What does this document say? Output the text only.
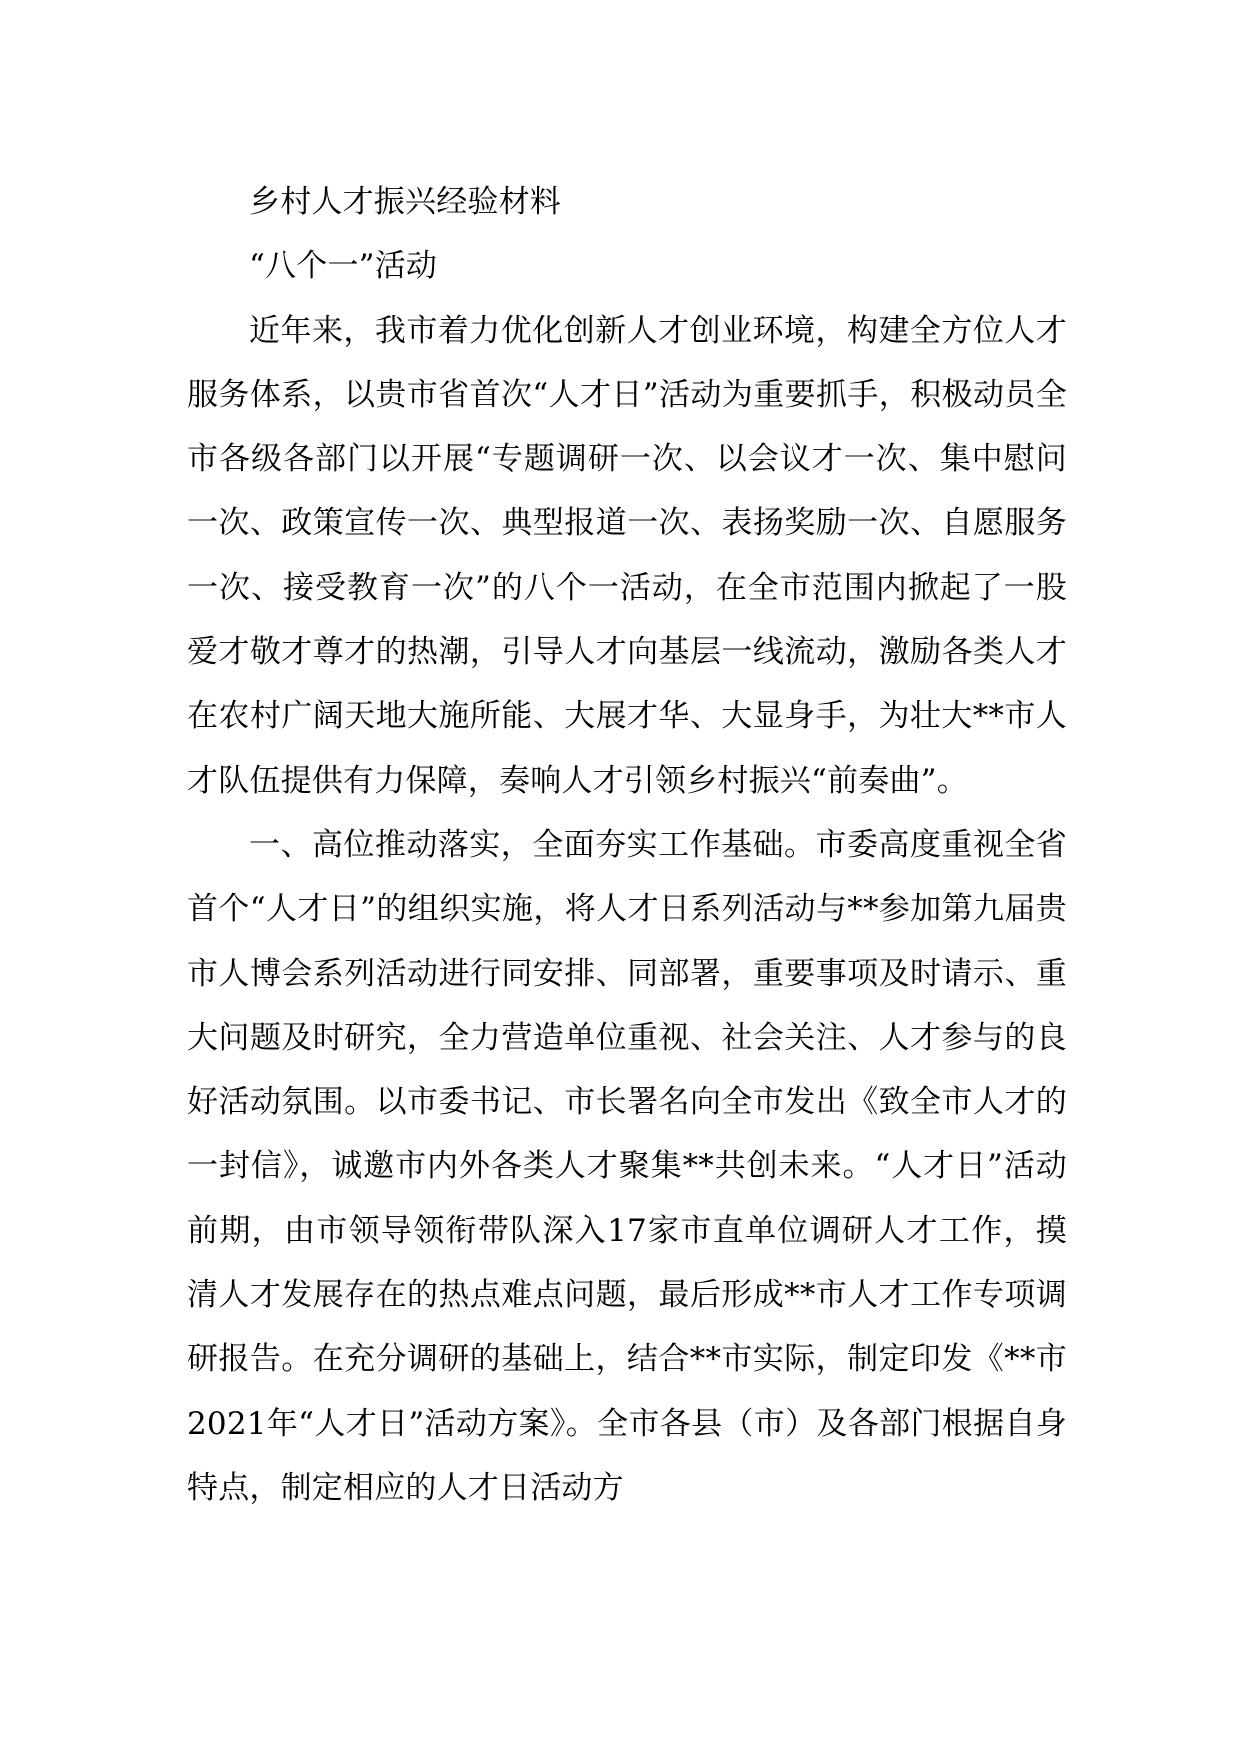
乡村人才振兴经验材料

“八个一”活动

近年来，我市着力优化创新人才创业环境，构建全方位人才服务体系，以贵市省首次“人才日”活动为重要抓手，积极动员全市各级各部门以开展“专题调研一次、以会议才一次、集中慰问一次、政策宣传一次、典型报道一次、表扬奖励一次、自愿服务一次、接受教育一次”的八个一活动，在全市范围内掀起了一股爱才敬才尊才的热潮，引导人才向基层一线流动，激励各类人才在农村广阔天地大施所能、大展才华、大显身手，为壮大**市人才队伍提供有力保障，奏响人才引领乡村振兴“前奏曲”。

一、高位推动落实，全面夯实工作基础。市委高度重视全省首个“人才日”的组织实施，将人才日系列活动与**参加第九届贵市人博会系列活动进行同安排、同部署，重要事项及时请示、重大问题及时研究，全力营造单位重视、社会关注、人才参与的良好活动氛围。以市委书记、市长署名向全市发出《致全市人才的一封信》，诚邀市内外各类人才聚集**共创未来。“人才日”活动前期，由市领导领衔带队深入17家市直单位调研人才工作，摸清人才发展存在的热点难点问题，最后形成**市人才工作专项调研报告。在充分调研的基础上，结合**市实际，制定印发《**市2021年“人才日”活动方案》。全市各县（市）及各部门根据自身特点，制定相应的人才日活动方
